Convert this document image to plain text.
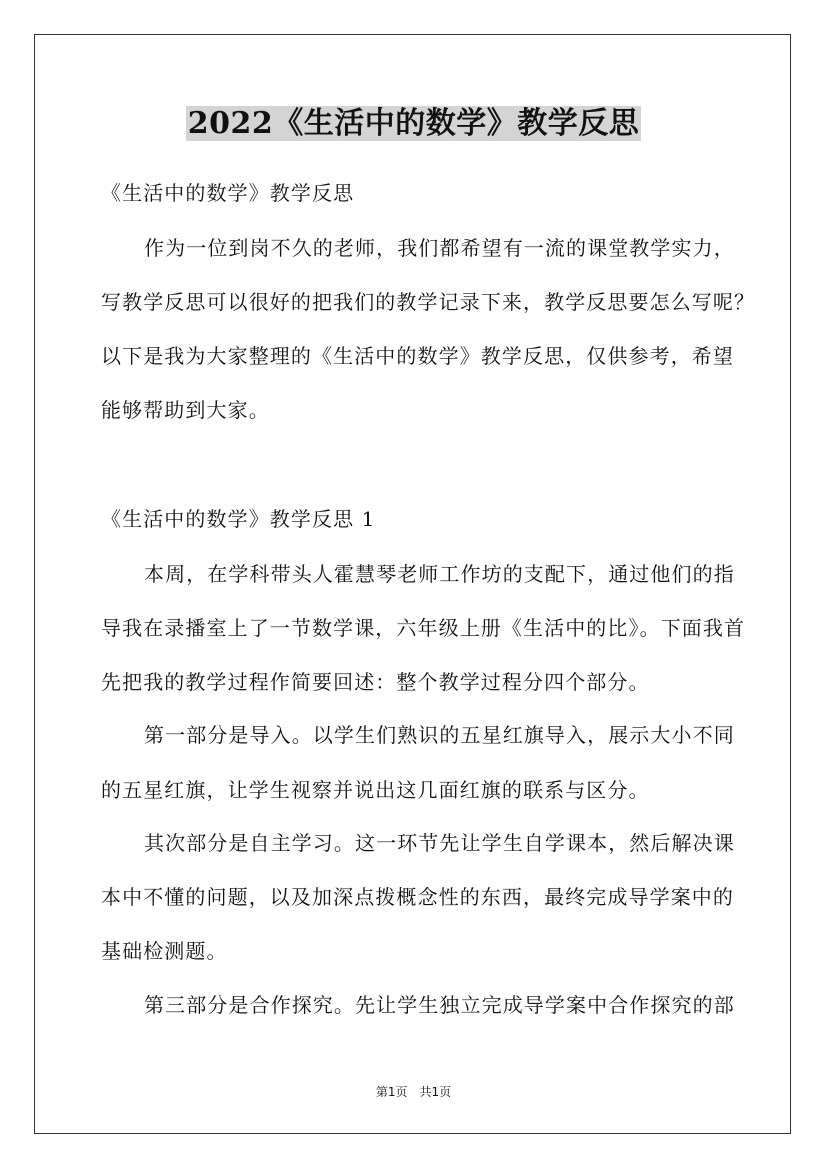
2022《生活中的数学》教学反思
《生活中的数学》教学反思
作为一位到岗不久的老师，我们都希望有一流的课堂教学实力，
写教学反思可以很好的把我们的教学记录下来，教学反思要怎么写呢？
以下是我为大家整理的《生活中的数学》教学反思，仅供参考，希望
能够帮助到大家。
《生活中的数学》教学反思 1
本周，在学科带头人霍慧琴老师工作坊的支配下，通过他们的指
导我在录播室上了一节数学课，六年级上册《生活中的比》。下面我首
先把我的教学过程作简要回述：整个教学过程分四个部分。
第一部分是导入。以学生们熟识的五星红旗导入，展示大小不同
的五星红旗，让学生视察并说出这几面红旗的联系与区分。
其次部分是自主学习。这一环节先让学生自学课本，然后解决课
本中不懂的问题，以及加深点拨概念性的东西，最终完成导学案中的
基础检测题。
第三部分是合作探究。先让学生独立完成导学案中合作探究的部
第1页　共1页
